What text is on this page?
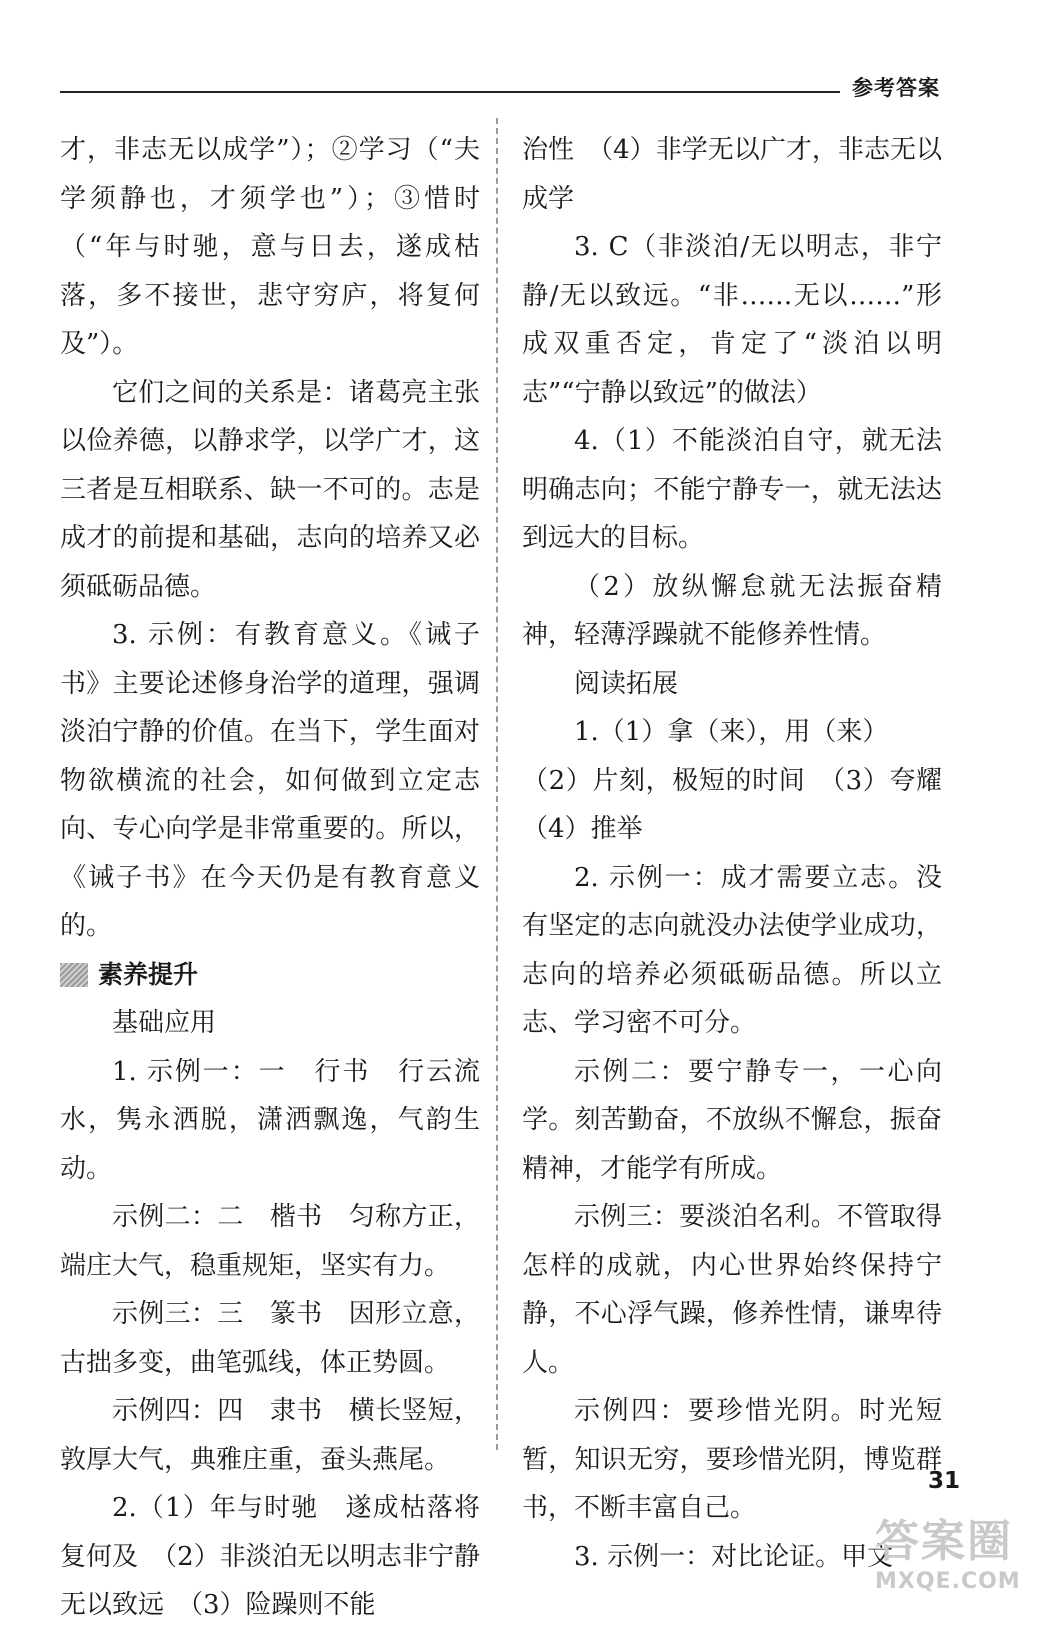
参考答案

才，非志无以成学”）；②学习（“夫学须静也，才须学也”）；③惜时（“年与时驰，意与日去，遂成枯落，多不接世，悲守穷庐，将复何及”）。

它们之间的关系是：诸葛亮主张以俭养德，以静求学，以学广才，这三者是互相联系、缺一不可的。志是成才的前提和基础，志向的培养又必须砥砺品德。

3. 示例：有教育意义。《诫子书》主要论述修身治学的道理，强调淡泊宁静的价值。在当下，学生面对物欲横流的社会，如何做到立定志向、专心向学是非常重要的。所以，《诫子书》在今天仍是有教育意义的。

素养提升

基础应用

1. 示例一：一　行书　行云流水，隽永洒脱，潇洒飘逸，气韵生动。

示例二：二　楷书　匀称方正，端庄大气，稳重规矩，坚实有力。

示例三：三　篆书　因形立意，古拙多变，曲笔弧线，体正势圆。

示例四：四　隶书　横长竖短，敦厚大气，典雅庄重，蚕头燕尾。

2.（1）年与时驰　遂成枯落将复何及　（2）非淡泊无以明志非宁静无以致远　（3）险躁则不能

治性　（4）非学无以广才，非志无以成学

3. C（非淡泊/无以明志，非宁静/无以致远。“非……无以……”形成双重否定，肯定了“淡泊以明志”“宁静以致远”的做法）

4.（1）不能淡泊自守，就无法明确志向；不能宁静专一，就无法达到远大的目标。

（2）放纵懈怠就无法振奋精神，轻薄浮躁就不能修养性情。

阅读拓展

1.（1）拿（来），用（来）

（2）片刻，极短的时间　（3）夸耀（4）推举

2. 示例一：成才需要立志。没有坚定的志向就没办法使学业成功，志向的培养必须砥砺品德。所以立志、学习密不可分。

示例二：要宁静专一，一心向学。刻苦勤奋，不放纵不懈怠，振奋精神，才能学有所成。

示例三：要淡泊名利。不管取得怎样的成就，内心世界始终保持宁静，不心浮气躁，修养性情，谦卑待人。

示例四：要珍惜光阴。时光短暂，知识无穷，要珍惜光阴，博览群书，不断丰富自己。

3. 示例一：对比论证。甲文

31
答案圈
MXQE.COM
